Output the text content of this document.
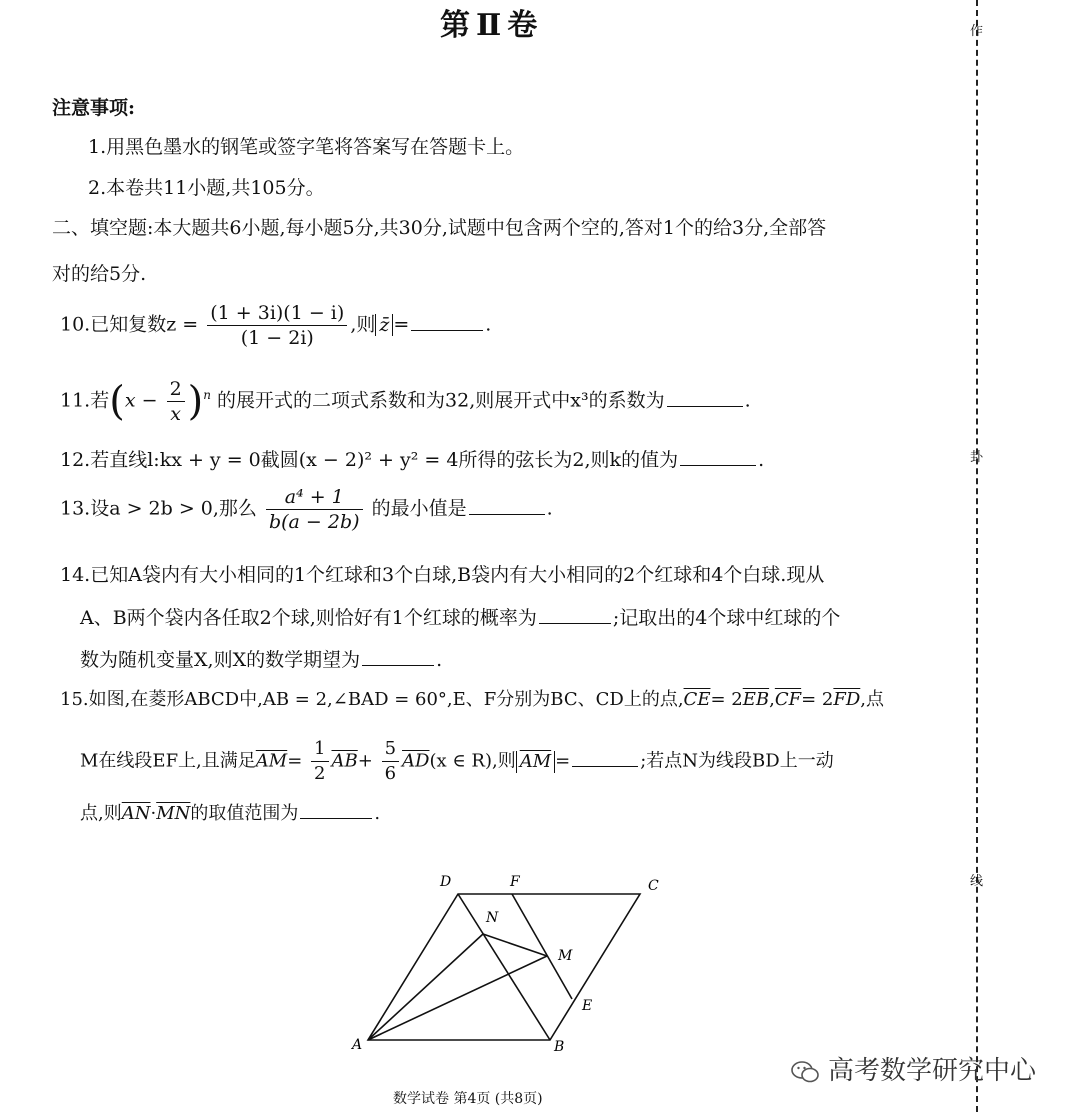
作
卦
线
第Ⅱ卷
注意事项:
1.用黑色墨水的钢笔或签字笔将答案写在答题卡上。
2.本卷共11小题,共105分。
二、填空题:本大题共6小题,每小题5分,共30分,试题中包含两个空的,答对1个的给3分,全部答
对的给5分.
10.已知复数$z = \frac{(1 + 3i)(1 - i)}{(1 - 2i)}$ ,则 z̄ =	.
11.若$(x - \frac{2}{x} )^n$ 的展开式的二项式系数和为32,则展开式中x³的系数为	.
12.若直线l:kx + y = 0截圆(x − 2)² + y² = 4所得的弦长为2,则k的值为	.
13.设a > 2b > 0,那么 $\frac{\text{a⁴ + 1}}{b(a - 2b)}$ 的最小值是	.
14.已知A袋内有大小相同的1个红球和3个白球,B袋内有大小相同的2个红球和4个白球.现从
A、B两个袋内各任取2个球,则恰好有1个红球的概率为	;记取出的4个球中红球的个
数为随机变量X,则X的数学期望为	.
15.如图,在菱形ABCD中,AB = 2,∠BAD = 60°,E、F分别为BC、CD上的点$,\overline{CE}= 2\overline{EB},\overline{CF}= 2\overline{FD}$,点
M在线段EF上,且满足$\overline{AM}= \frac{1}{2} \overline{AB}+ \frac{5}{6} \overline{AD}(x$ ∈ R),则 $\overline{AM}$ =	;若点N为线段BD上一动
点,则$\overline{AN}\cdot\overline{MN}$的取值范围为	.
A	B
C
D
E
F
M
N
高考数学研究中心
数学试卷 第4页 (共8页)
